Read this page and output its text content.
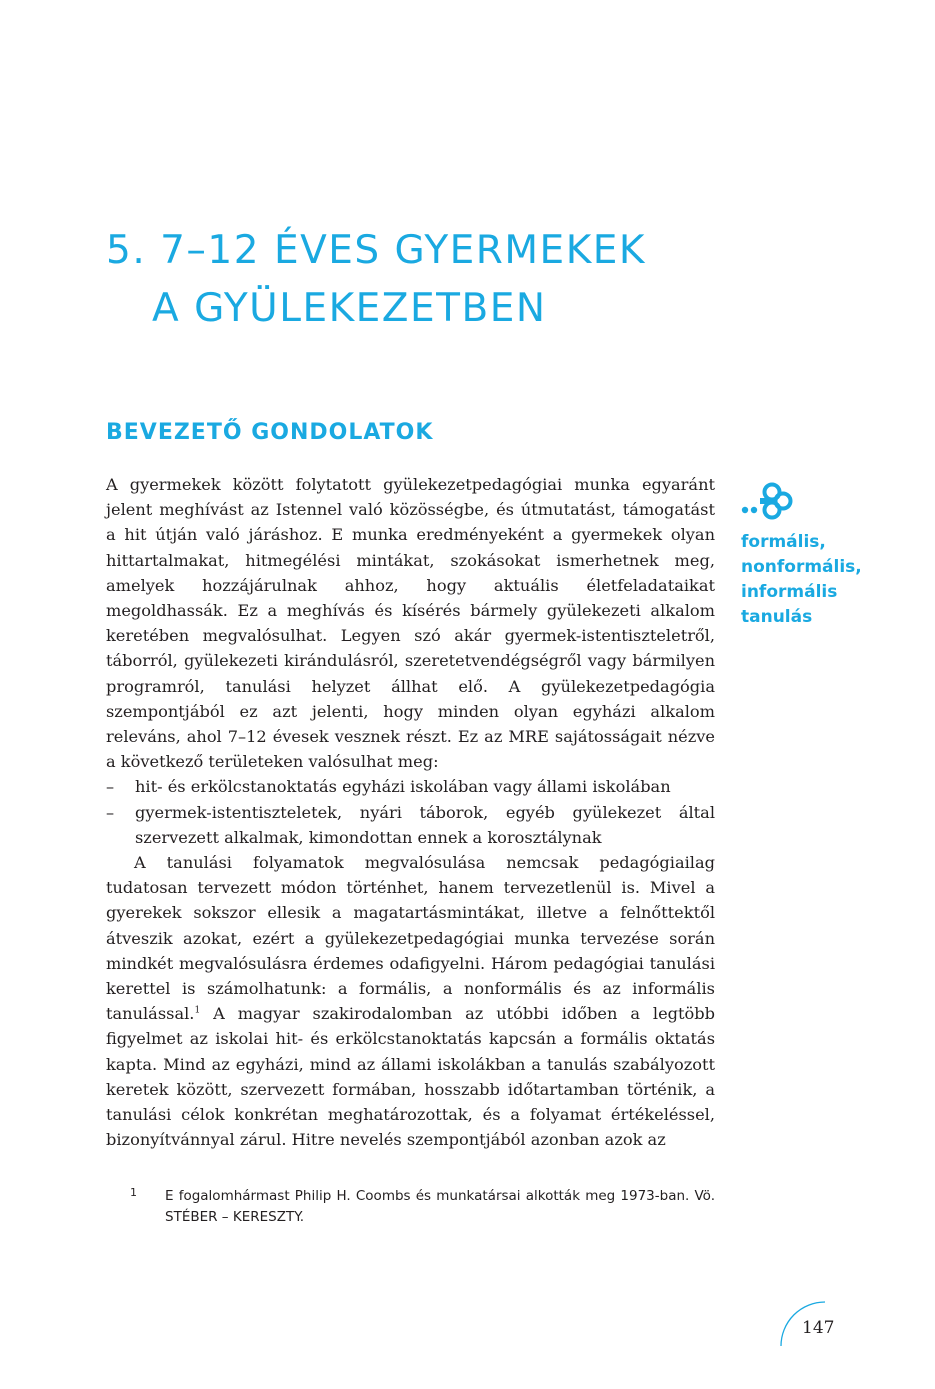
5. 7–12 ÉVES GYERMEKEK
A GYÜLEKEZETBEN
BEVEZETŐ GONDOLATOK

A gyermekek között folytatott gyülekezetpedagógiai munka egyaránt jelent meghívást az Istennel való közösségbe, és útmutatást, támogatást a hit útján való járáshoz. E munka eredményeként a gyermekek olyan hittartalmakat, hitmegélési mintákat, szokásokat ismerhetnek meg, amelyek hozzájárulnak ahhoz, hogy aktuális életfeladataikat megoldhassák. Ez a meghívás és kísérés bármely gyülekezeti alkalom keretében megvalósulhat. Legyen szó akár gyermek-istentiszteletről, táborról, gyülekezeti kirándulásról, szeretetvendégségről vagy bármilyen programról, tanulási helyzet állhat elő. A gyülekezetpedagógia szempontjából ez azt jelenti, hogy minden olyan egyházi alkalom releváns, ahol 7–12 évesek vesznek részt. Ez az MRE sajátosságait nézve a következő területeken valósulhat meg:

– hit- és erkölcstanoktatás egyházi iskolában vagy állami iskolában
– gyermek-istentiszteletek, nyári táborok, egyéb gyülekezet által szervezett alkalmak, kimondottan ennek a korosztálynak

A tanulási folyamatok megvalósulása nemcsak pedagógiailag tudatosan tervezett módon történhet, hanem tervezetlenül is. Mivel a gyerekek sokszor ellesik a magatartásmintákat, illetve a felnőttektől átveszik azokat, ezért a gyülekezetpedagógiai munka tervezése során mindkét megvalósulásra érdemes odafigyelni. Három pedagógiai tanulási kerettel is számolhatunk: a formális, a nonformális és az informális tanulással.$^1$ A magyar szakirodalomban az utóbbi időben a legtöbb figyelmet az iskolai hit- és erkölcstanoktatás kapcsán a formális oktatás kapta. Mind az egyházi, mind az állami iskolákban a tanulás szabályozott keretek között, szervezett formában, hosszabb időtartamban történik, a tanulási célok konkrétan meghatározottak, és a folyamat értékeléssel, bizonyítvánnyal zárul. Hitre nevelés szempontjából azonban azok az

formális,
nonformális,
informális
tanulás
1 E fogalomhármast Philip H. Coombs és munkatársai alkották meg 1973-ban. Vö. STÉBER – KERESZTY.
147
